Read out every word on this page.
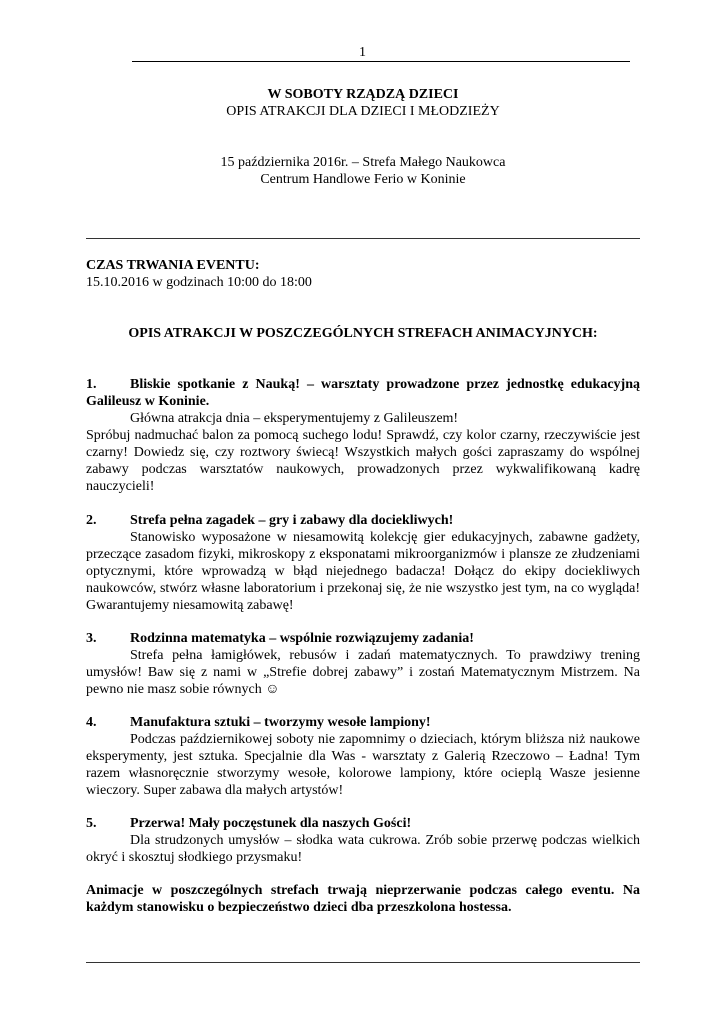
1
W SOBOTY RZĄDZĄ DZIECI
OPIS ATRAKCJI DLA DZIECI I MŁODZIEŻY
15 października 2016r. – Strefa Małego Naukowca
Centrum Handlowe Ferio w Koninie
CZAS TRWANIA EVENTU:
15.10.2016 w godzinach 10:00 do 18:00
OPIS ATRAKCJI W POSZCZEGÓLNYCH STREFACH ANIMACYJNYCH:
1.	Bliskie spotkanie z Nauką! – warsztaty prowadzone przez jednostkę edukacyjną Galileusz w Koninie.

Główna atrakcja dnia – eksperymentujemy z Galileuszem!

Spróbuj nadmuchać balon za pomocą suchego lodu! Sprawdź, czy kolor czarny, rzeczywiście jest czarny! Dowiedz się, czy roztwory świecą! Wszystkich małych gości zapraszamy do wspólnej zabawy podczas warsztatów naukowych, prowadzonych przez wykwalifikowaną kadrę nauczycieli!

2.	Strefa pełna zagadek – gry i zabawy dla dociekliwych!

Stanowisko wyposażone w niesamowitą kolekcję gier edukacyjnych, zabawne gadżety, przeczące zasadom fizyki, mikroskopy z eksponatami mikroorganizmów i plansze ze złudzeniami optycznymi, które wprowadzą w błąd niejednego badacza! Dołącz do ekipy dociekliwych naukowców, stwórz własne laboratorium i przekonaj się, że nie wszystko jest tym, na co wygląda! Gwarantujemy niesamowitą zabawę!

3.	Rodzinna matematyka – wspólnie rozwiązujemy zadania!

Strefa pełna łamigłówek, rebusów i zadań matematycznych. To prawdziwy trening umysłów! Baw się z nami w „Strefie dobrej zabawy” i zostań Matematycznym Mistrzem. Na pewno nie masz sobie równych ☺

4.	Manufaktura sztuki – tworzymy wesołe lampiony!

Podczas październikowej soboty nie zapomnimy o dzieciach, którym bliższa niż naukowe eksperymenty, jest sztuka. Specjalnie dla Was - warsztaty z Galerią Rzeczowo – Ładna! Tym razem własnoręcznie stworzymy wesołe, kolorowe lampiony, które ocieplą Wasze jesienne wieczory. Super zabawa dla małych artystów!

5.	Przerwa! Mały poczęstunek dla naszych Gości!

Dla strudzonych umysłów – słodka wata cukrowa. Zrób sobie przerwę podczas wielkich okryć i skosztuj słodkiego przysmaku!

Animacje w poszczególnych strefach trwają nieprzerwanie podczas całego eventu. Na każdym stanowisku o bezpieczeństwo dzieci dba przeszkolona hostessa.
